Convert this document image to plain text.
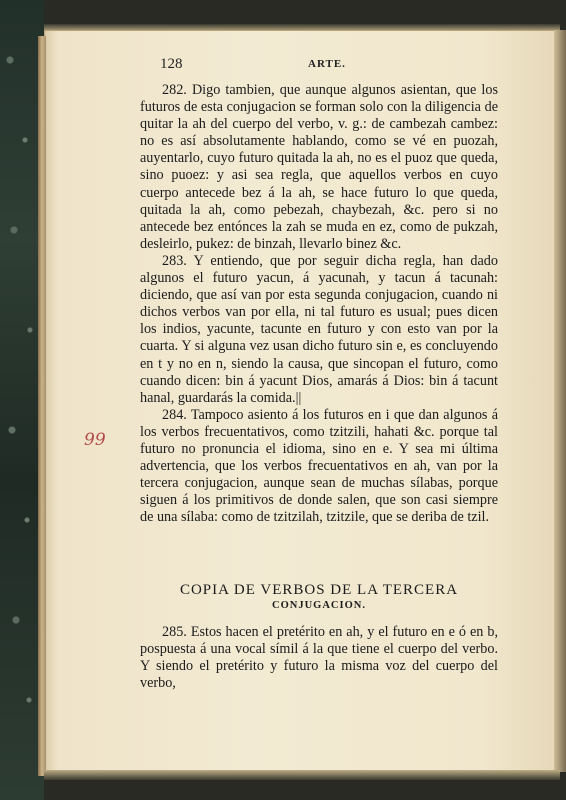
128	ARTE.
99

282. Digo tambien, que aunque algunos asientan, que los futuros de esta conjugacion se forman solo con la diligencia de quitar la ah del cuerpo del verbo, v. g.: de cambezah cambez: no es así absolutamente hablando, como se vé en puozah, auyentarlo, cuyo futuro quitada la ah, no es el puoz que queda, sino puoez: y asi sea regla, que aquellos verbos en cuyo cuerpo antecede bez á la ah, se hace futuro lo que queda, quitada la ah, como pebezah, chaybezah, &c. pero si no antecede bez entónces la zah se muda en ez, como de pukzah, desleirlo, pukez: de binzah, llevarlo binez &c.

283. Y entiendo, que por seguir dicha regla, han dado algunos el futuro yacun, á yacunah, y tacun á tacunah: diciendo, que así van por esta segunda conjugacion, cuando ni dichos verbos van por ella, ni tal futuro es usual; pues dicen los indios, yacunte, tacunte en futuro y con esto van por la cuarta. Y si alguna vez usan dicho futuro sin e, es concluyendo en t y no en n, siendo la causa, que sincopan el futuro, como cuando dicen: bin á yacunt Dios, amarás á Dios: bin á tacunt hanal, guardarás la comida.||

284. Tampoco asiento á los futuros en i que dan algunos á los verbos frecuentativos, como tzitzili, hahati &c. porque tal futuro no pronuncia el idioma, sino en e. Y sea mi última advertencia, que los verbos frecuentativos en ah, van por la tercera conjugacion, aunque sean de muchas sílabas, porque siguen á los primitivos de donde salen, que son casi siempre de una sílaba: como de tzitzilah, tzitzile, que se deriba de tzil.

COPIA DE VERBOS DE LA TERCERA
CONJUGACION.

285. Estos hacen el pretérito en ah, y el futuro en e ó en b, pospuesta á una vocal símil á la que tiene el cuerpo del verbo. Y siendo el pretérito y futuro la misma voz del cuerpo del verbo,
